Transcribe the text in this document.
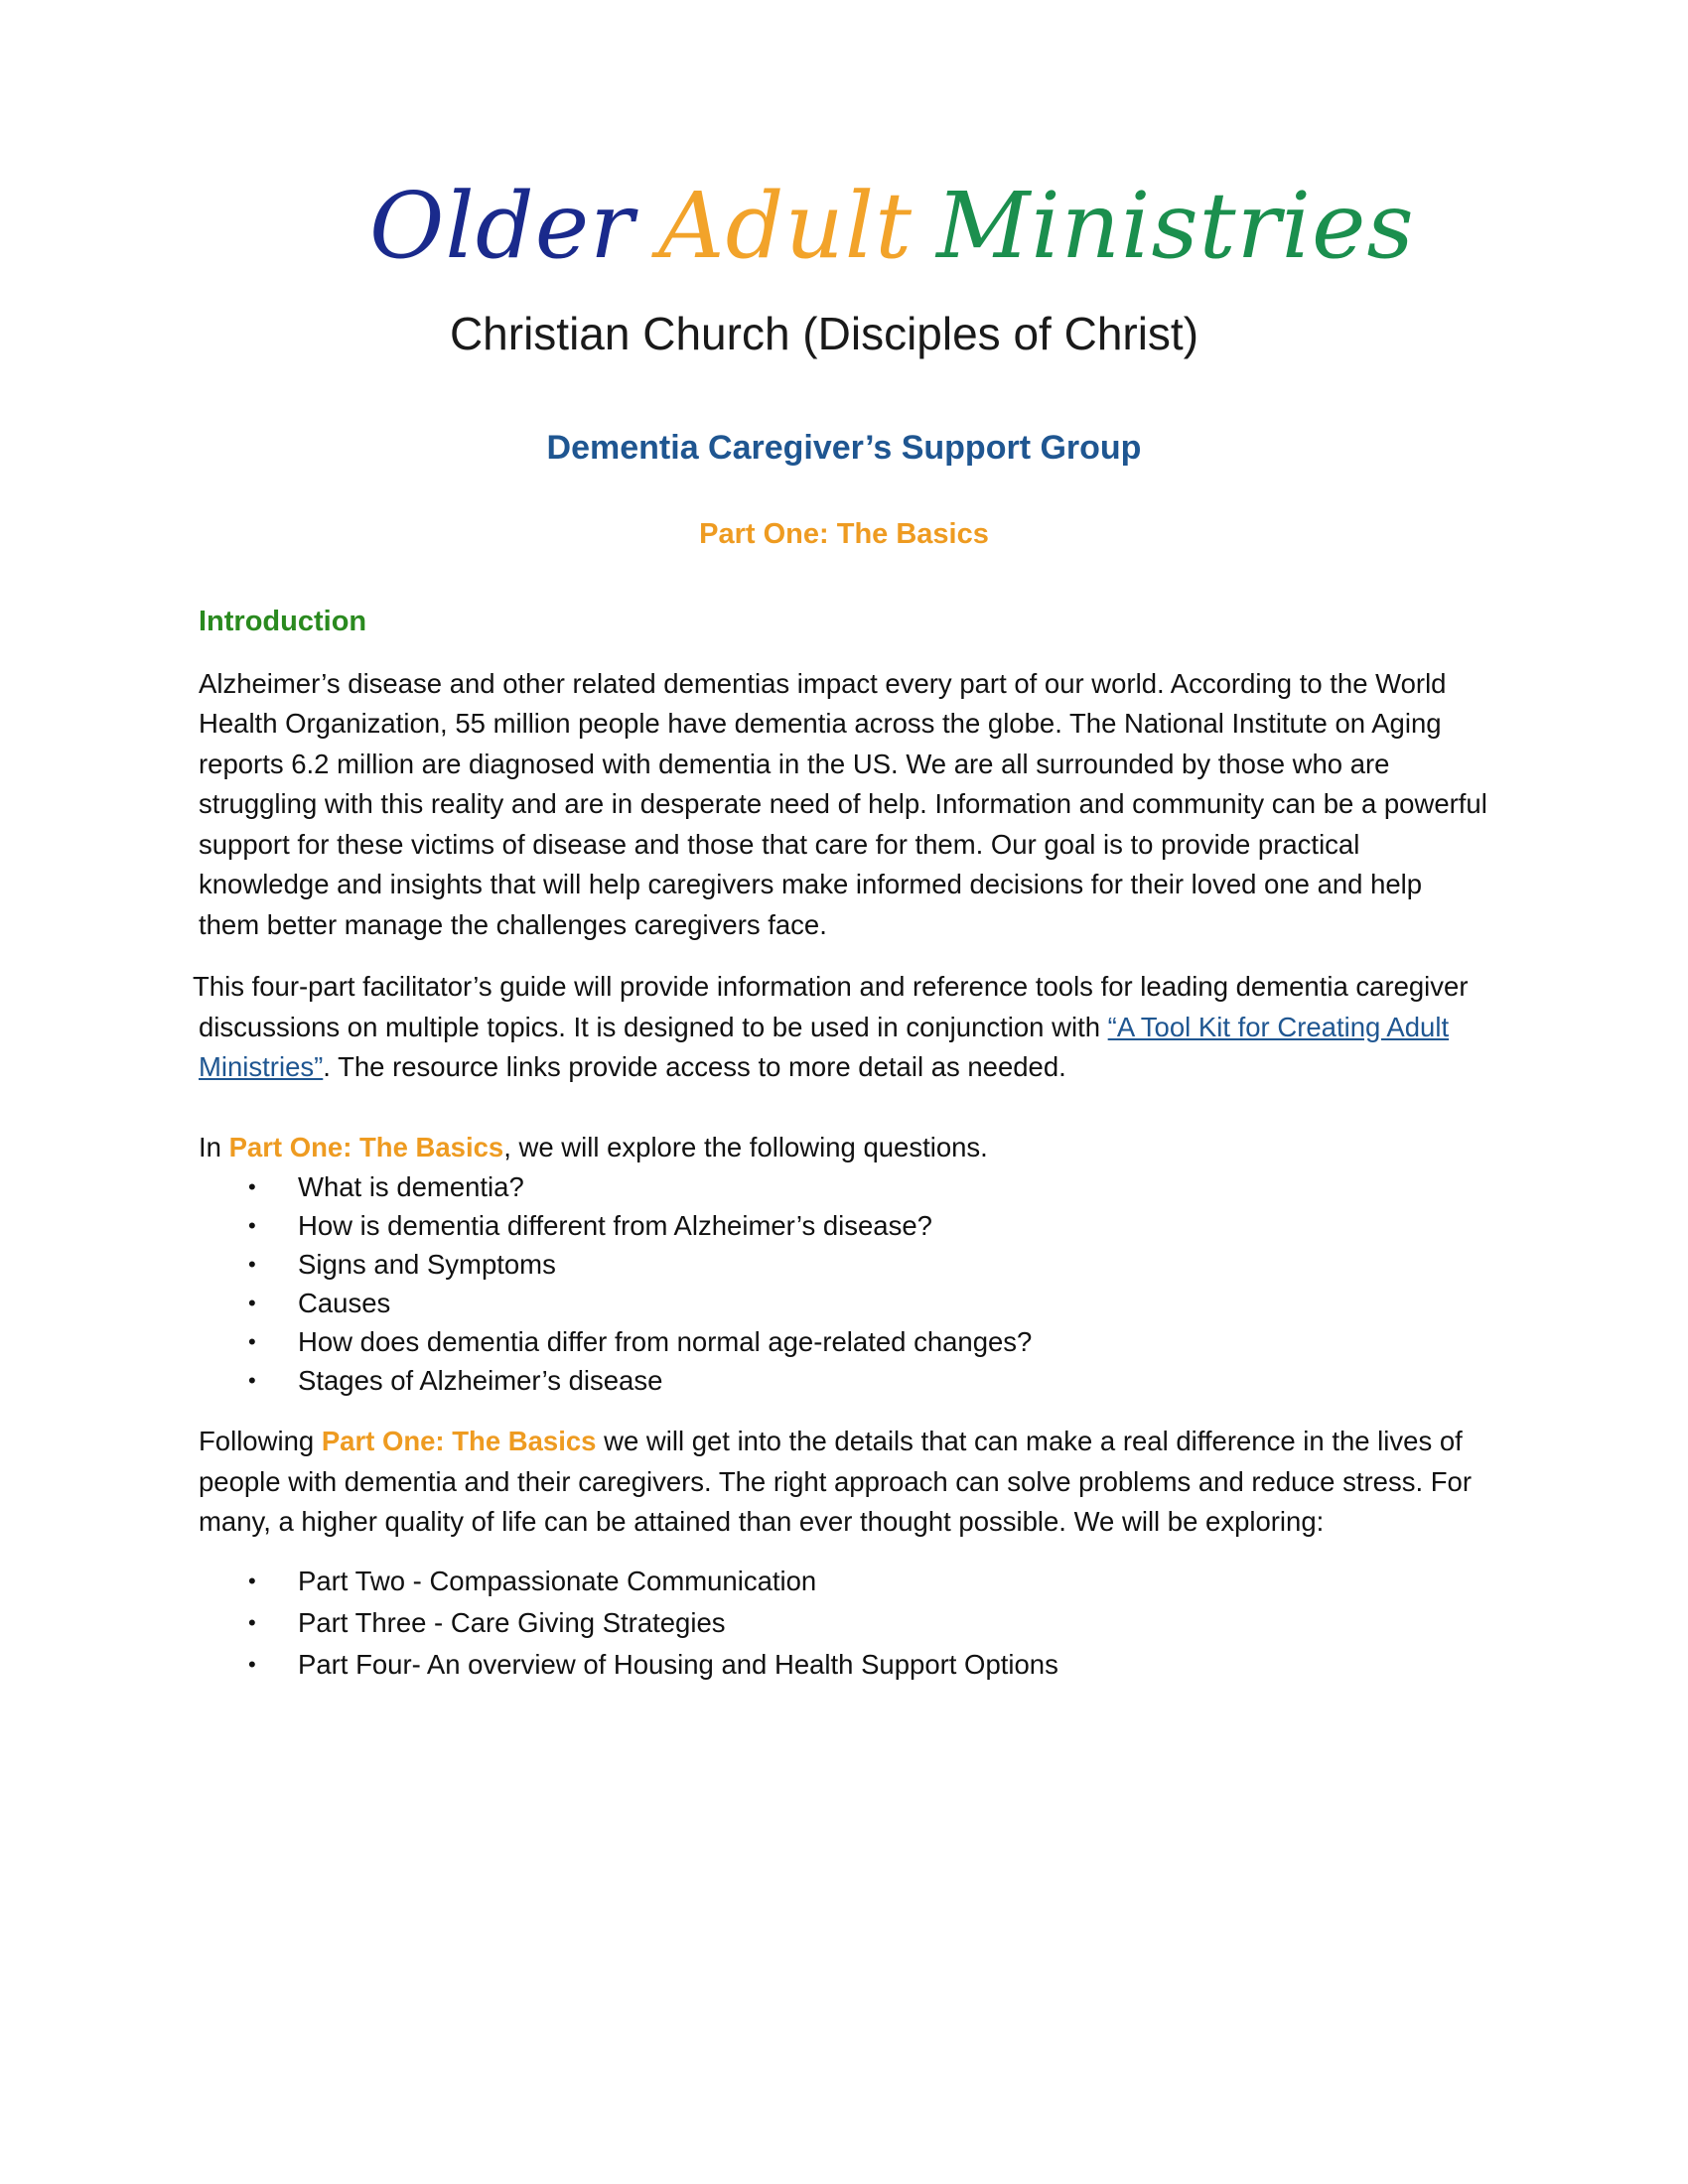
Older Adult Ministries
Christian Church (Disciples of Christ)
Dementia Caregiver’s Support Group
Part One: The Basics
Introduction

Alzheimer’s disease and other related dementias impact every part of our world. According to the World Health Organization, 55 million people have dementia across the globe. The National Institute on Aging reports 6.2 million are diagnosed with dementia in the US. We are all surrounded by those who are struggling with this reality and are in desperate need of help. Information and community can be a powerful support for these victims of disease and those that care for them. Our goal is to provide practical knowledge and insights that will help caregivers make informed decisions for their loved one and help them better manage the challenges caregivers face.

This four-part facilitator’s guide will provide information and reference tools for leading dementia caregiver discussions on multiple topics. It is designed to be used in conjunction with “A Tool Kit for Creating Adult Ministries”. The resource links provide access to more detail as needed.

In Part One: The Basics, we will explore the following questions.

• What is dementia?
• How is dementia different from Alzheimer’s disease?
• Signs and Symptoms
• Causes
• How does dementia differ from normal age-related changes?
• Stages of Alzheimer’s disease

Following Part One: The Basics we will get into the details that can make a real difference in the lives of people with dementia and their caregivers. The right approach can solve problems and reduce stress. For many, a higher quality of life can be attained than ever thought possible. We will be exploring:

• Part Two - Compassionate Communication
• Part Three - Care Giving Strategies
• Part Four- An overview of Housing and Health Support Options
